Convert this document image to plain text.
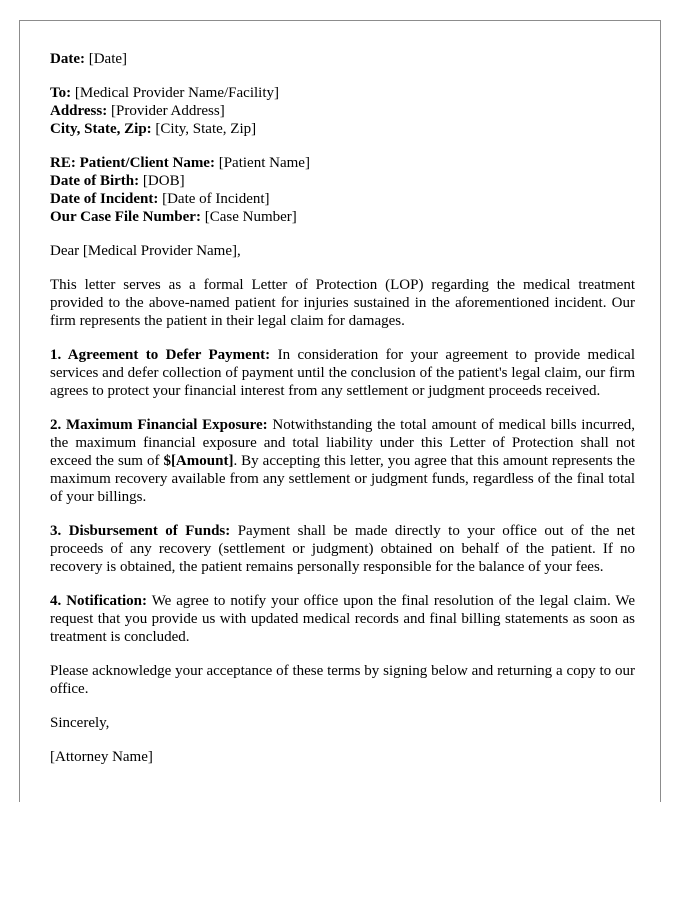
Date: [Date]
To: [Medical Provider Name/Facility]
Address: [Provider Address]
City, State, Zip: [City, State, Zip]
RE: Patient/Client Name: [Patient Name]
Date of Birth: [DOB]
Date of Incident: [Date of Incident]
Our Case File Number: [Case Number]

Dear [Medical Provider Name],

This letter serves as a formal Letter of Protection (LOP) regarding the medical treatment provided to the above-named patient for injuries sustained in the aforementioned incident. Our firm represents the patient in their legal claim for damages.

1. Agreement to Defer Payment: In consideration for your agreement to provide medical services and defer collection of payment until the conclusion of the patient's legal claim, our firm agrees to protect your financial interest from any settlement or judgment proceeds received.

2. Maximum Financial Exposure: Notwithstanding the total amount of medical bills incurred, the maximum financial exposure and total liability under this Letter of Protection shall not exceed the sum of $[Amount]. By accepting this letter, you agree that this amount represents the maximum recovery available from any settlement or judgment funds, regardless of the final total of your billings.

3. Disbursement of Funds: Payment shall be made directly to your office out of the net proceeds of any recovery (settlement or judgment) obtained on behalf of the patient. If no recovery is obtained, the patient remains personally responsible for the balance of your fees.

4. Notification: We agree to notify your office upon the final resolution of the legal claim. We request that you provide us with updated medical records and final billing statements as soon as treatment is concluded.

Please acknowledge your acceptance of these terms by signing below and returning a copy to our office.

Sincerely,

[Attorney Name]
